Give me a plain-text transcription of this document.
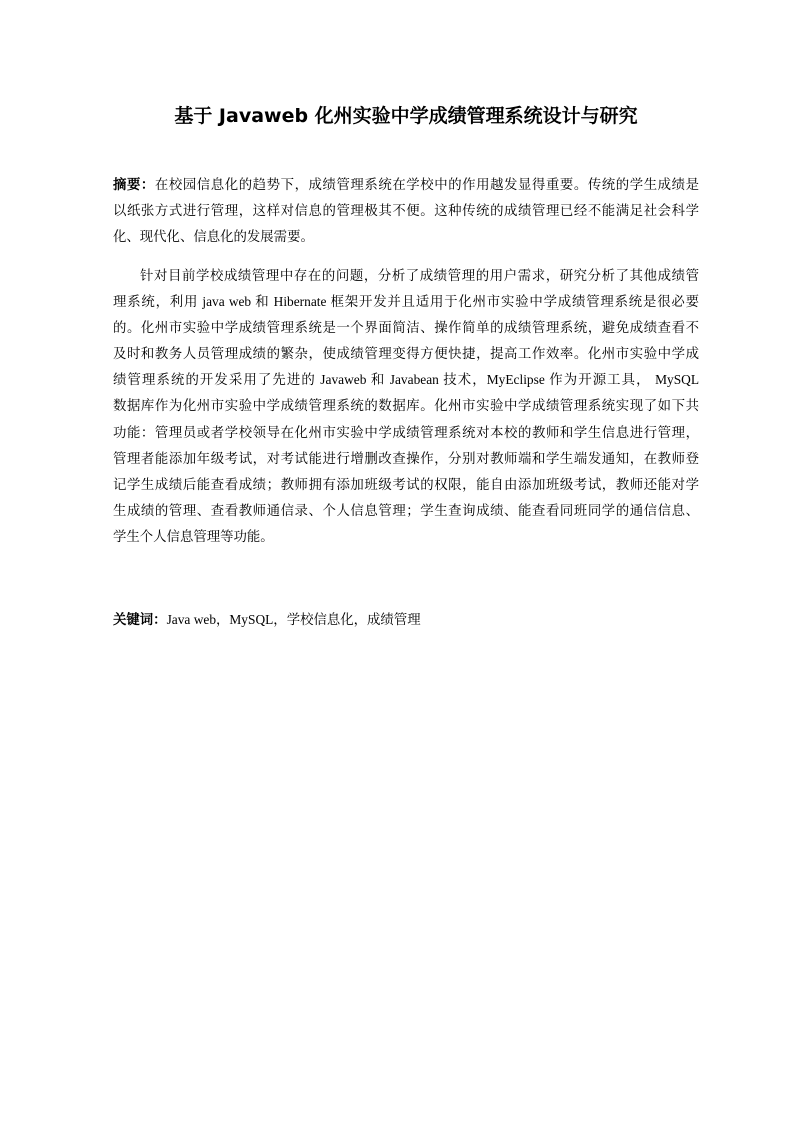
基于 Javaweb 化州实验中学成绩管理系统设计与研究
摘要：在校园信息化的趋势下，成绩管理系统在学校中的作用越发显得重要。传统的学生成绩是
以纸张方式进行管理，这样对信息的管理极其不便。这种传统的成绩管理已经不能满足社会科学
化、现代化、信息化的发展需要。
针对目前学校成绩管理中存在的问题，分析了成绩管理的用户需求，研究分析了其他成绩管
理系统，利用 java web 和 Hibernate 框架开发并且适用于化州市实验中学成绩管理系统是很必要
的。化州市实验中学成绩管理系统是一个界面简洁、操作简单的成绩管理系统，避免成绩查看不
及时和教务人员管理成绩的繁杂，使成绩管理变得方便快捷，提高工作效率。化州市实验中学成
绩管理系统的开发采用了先进的 Javaweb 和 Javabean 技术，MyEclipse 作为开源工具， MySQL
数据库作为化州市实验中学成绩管理系统的数据库。化州市实验中学成绩管理系统实现了如下共
功能：管理员或者学校领导在化州市实验中学成绩管理系统对本校的教师和学生信息进行管理，
管理者能添加年级考试，对考试能进行增删改查操作，分别对教师端和学生端发通知，在教师登
记学生成绩后能查看成绩；教师拥有添加班级考试的权限，能自由添加班级考试，教师还能对学
生成绩的管理、查看教师通信录、个人信息管理；学生查询成绩、能查看同班同学的通信信息、
学生个人信息管理等功能。
关键词：Java web，MySQL，学校信息化，成绩管理
